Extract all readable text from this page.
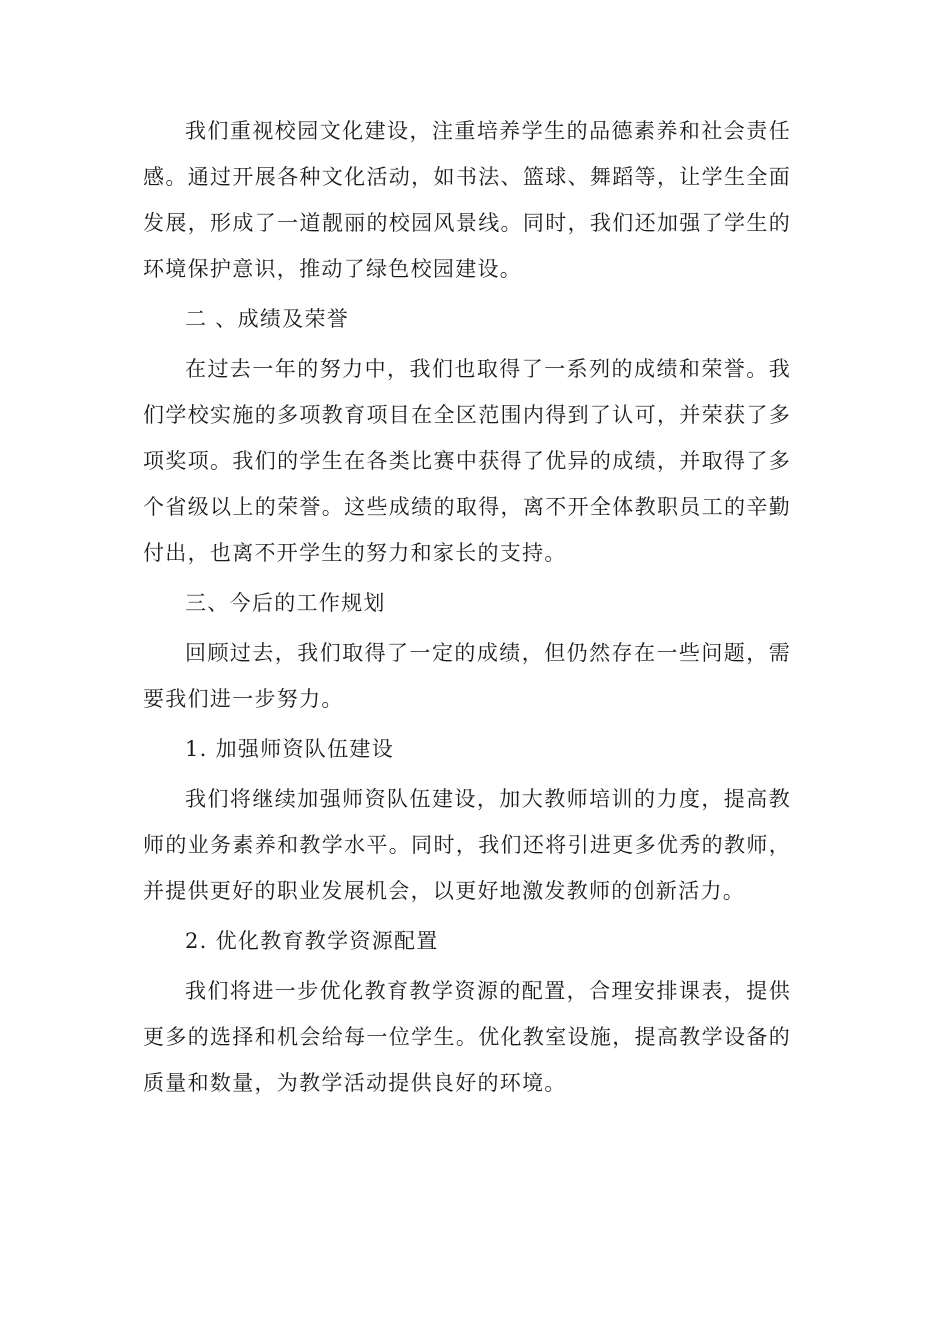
我们重视校园文化建设，注重培养学生的品德素养和社会责任感。通过开展各种文化活动，如书法、篮球、舞蹈等，让学生全面发展，形成了一道靓丽的校园风景线。同时，我们还加强了学生的环境保护意识，推动了绿色校园建设。

二 、成绩及荣誉

在过去一年的努力中，我们也取得了一系列的成绩和荣誉。我们学校实施的多项教育项目在全区范围内得到了认可，并荣获了多项奖项。我们的学生在各类比赛中获得了优异的成绩，并取得了多个省级以上的荣誉。这些成绩的取得，离不开全体教职员工的辛勤付出，也离不开学生的努力和家长的支持。

三、今后的工作规划

回顾过去，我们取得了一定的成绩，但仍然存在一些问题，需要我们进一步努力。

1. 加强师资队伍建设

我们将继续加强师资队伍建设，加大教师培训的力度，提高教师的业务素养和教学水平。同时，我们还将引进更多优秀的教师，并提供更好的职业发展机会，以更好地激发教师的创新活力。

2. 优化教育教学资源配置

我们将进一步优化教育教学资源的配置，合理安排课表，提供更多的选择和机会给每一位学生。优化教室设施，提高教学设备的质量和数量，为教学活动提供良好的环境。
